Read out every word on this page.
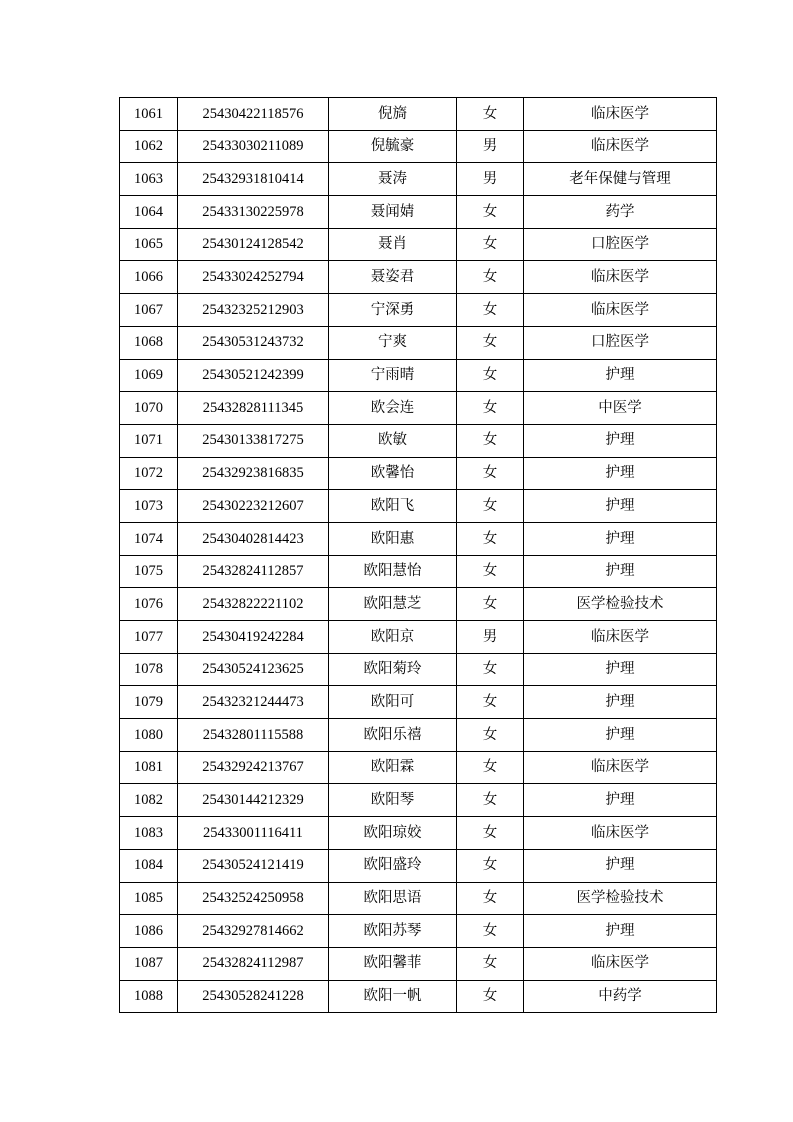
1061	25430422118576	倪旖	女	临床医学
1062	25433030211089	倪毓豪	男	临床医学
1063	25432931810414	聂涛	男	老年保健与管理
1064	25433130225978	聂闻婧	女	药学
1065	25430124128542	聂肖	女	口腔医学
1066	25433024252794	聂姿君	女	临床医学
1067	25432325212903	宁深勇	女	临床医学
1068	25430531243732	宁爽	女	口腔医学
1069	25430521242399	宁雨晴	女	护理
1070	25432828111345	欧会连	女	中医学
1071	25430133817275	欧敏	女	护理
1072	25432923816835	欧馨怡	女	护理
1073	25430223212607	欧阳飞	女	护理
1074	25430402814423	欧阳惠	女	护理
1075	25432824112857	欧阳慧怡	女	护理
1076	25432822221102	欧阳慧芝	女	医学检验技术
1077	25430419242284	欧阳京	男	临床医学
1078	25430524123625	欧阳菊玲	女	护理
1079	25432321244473	欧阳可	女	护理
1080	25432801115588	欧阳乐禧	女	护理
1081	25432924213767	欧阳霖	女	临床医学
1082	25430144212329	欧阳琴	女	护理
1083	25433001116411	欧阳琼姣	女	临床医学
1084	25430524121419	欧阳盛玲	女	护理
1085	25432524250958	欧阳思语	女	医学检验技术
1086	25432927814662	欧阳苏琴	女	护理
1087	25432824112987	欧阳馨菲	女	临床医学
1088	25430528241228	欧阳一帆	女	中药学
